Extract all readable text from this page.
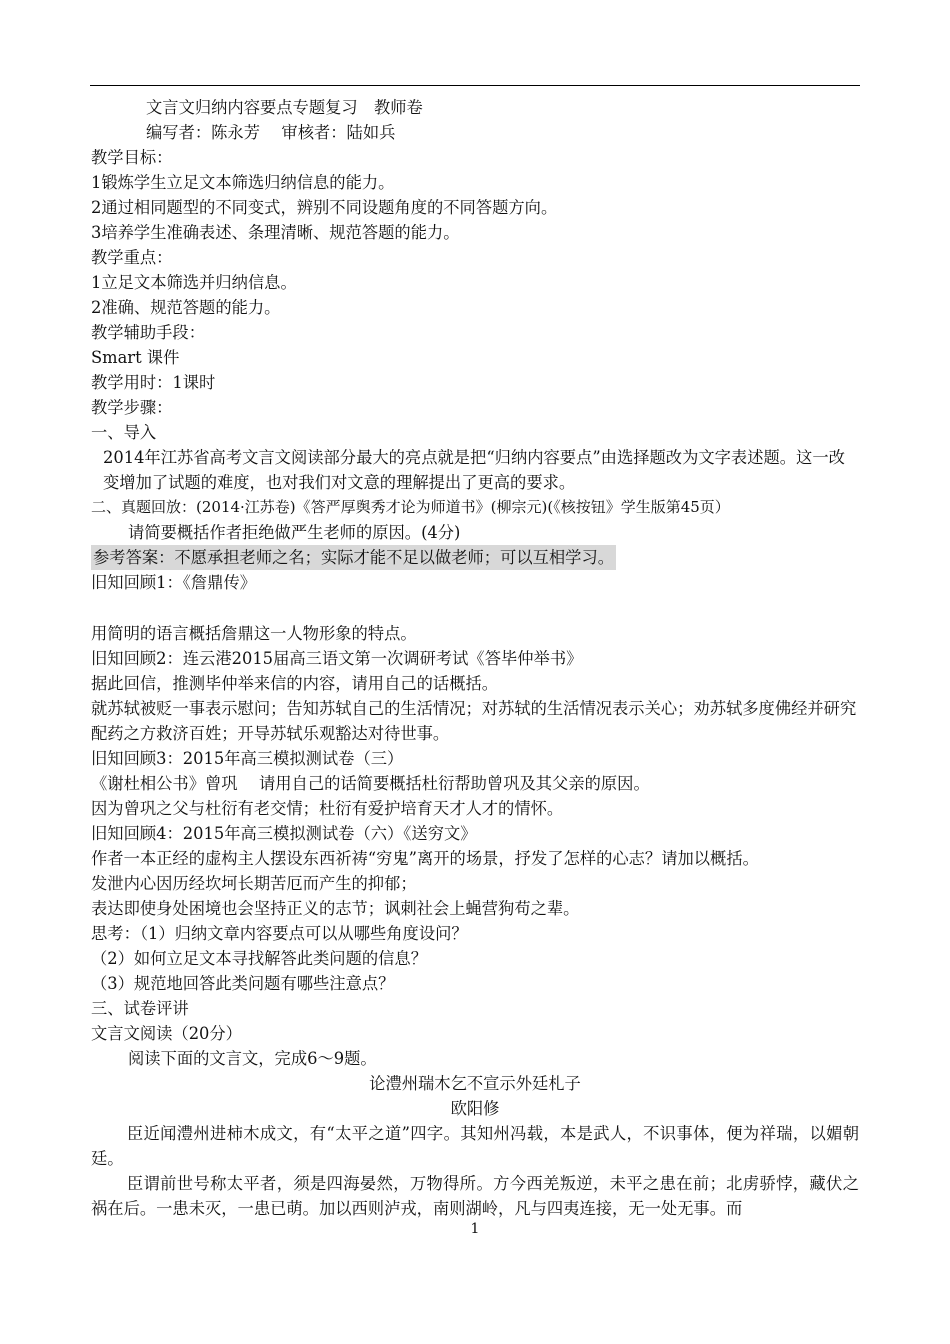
文言文归纳内容要点专题复习　教师卷
编写者：陈永芳　 审核者：陆如兵
教学目标：
1锻炼学生立足文本筛选归纳信息的能力。
2通过相同题型的不同变式，辨别不同设题角度的不同答题方向。
3培养学生准确表述、条理清晰、规范答题的能力。
教学重点：
1立足文本筛选并归纳信息。
2准确、规范答题的能力。
教学辅助手段：
Smart 课件
教学用时：1课时
教学步骤：
一、导入
2014年江苏省高考文言文阅读部分最大的亮点就是把“归纳内容要点”由选择题改为文字表述题。这一改变增加了试题的难度，也对我们对文意的理解提出了更高的要求。
二、真题回放：(2014·江苏卷)《答严厚舆秀才论为师道书》(柳宗元)(《核按钮》学生版第45页）
请简要概括作者拒绝做严生老师的原因。(4分)
参考答案：不愿承担老师之名；实际才能不足以做老师；可以互相学习。
旧知回顾1：《詹鼎传》
用简明的语言概括詹鼎这一人物形象的特点。
旧知回顾2：连云港2015届高三语文第一次调研考试《答毕仲举书》
据此回信，推测毕仲举来信的内容，请用自己的话概括。
就苏轼被贬一事表示慰问；告知苏轼自己的生活情况；对苏轼的生活情况表示关心；劝苏轼多度佛经并研究配药之方救济百姓；开导苏轼乐观豁达对待世事。
旧知回顾3：2015年高三模拟测试卷（三）
《谢杜相公书》曾巩　 请用自己的话简要概括杜衍帮助曾巩及其父亲的原因。
因为曾巩之父与杜衍有老交情；杜衍有爱护培育天才人才的情怀。
旧知回顾4：2015年高三模拟测试卷（六）《送穷文》
作者一本正经的虚构主人摆设东西祈祷“穷鬼”离开的场景，抒发了怎样的心志？请加以概括。
发泄内心因历经坎坷长期苦厄而产生的抑郁；
表达即使身处困境也会坚持正义的志节；讽刺社会上蝇营狗苟之辈。
思考：（1）归纳文章内容要点可以从哪些角度设问？
（2）如何立足文本寻找解答此类问题的信息？
（3）规范地回答此类问题有哪些注意点？
三、试卷评讲
文言文阅读（20分）
阅读下面的文言文，完成6～9题。
论澧州瑞木乞不宣示外廷札子
欧阳修
臣近闻澧州进柿木成文，有“太平之道”四字。其知州冯载，本是武人，不识事体，便为祥瑞，以媚朝廷。
臣谓前世号称太平者，须是四海晏然，万物得所。方今西羌叛逆，未平之患在前；北虏骄悖，藏伏之祸在后。一患未灭，一患已萌。加以西则泸戎，南则湖岭，凡与四夷连接，无一处无事。而
1
